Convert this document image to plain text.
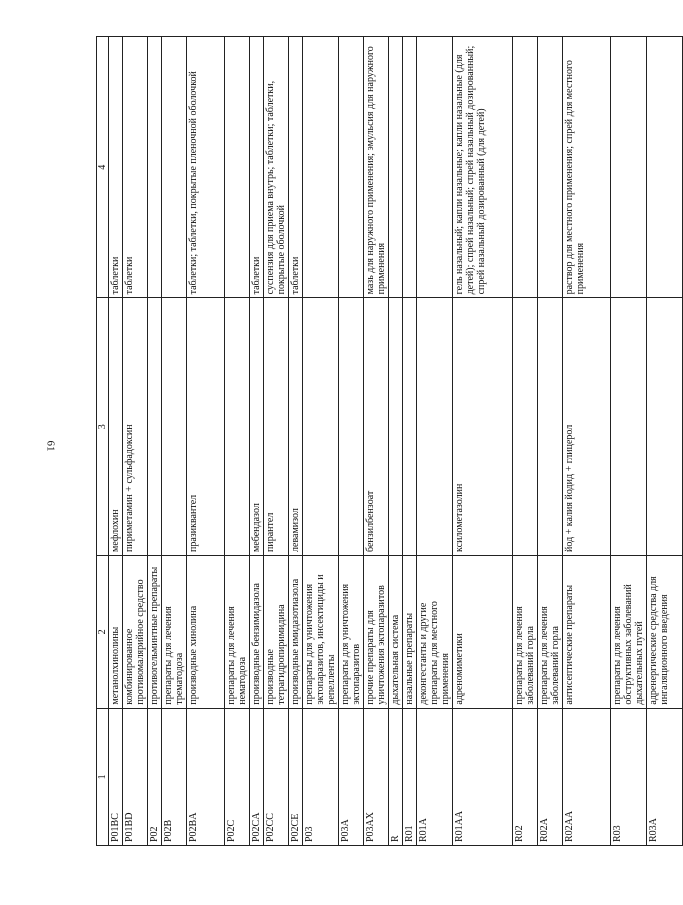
61
1	2	3	4
P01BC	метанолхинолины	мефлохин	таблетки
P01BD	комбинированное противомалярийное средство	пириметамин + сульфадоксин	таблетки
P02	противогельминтные препараты		
P02B	препараты для лечения трематодоза		
P02BA	производные хинолина	празиквантел	таблетки; таблетки, покрытые пленочной оболочкой
P02C	препараты для лечения нематодоза		
P02CA	производные бензимидазола	мебендазол	таблетки
P02CC	производные тетрагидропиримидина	пирантел	суспензия для приема внутрь; таблетки; таблетки, покрытые оболочкой
P02CE	производные имидазотиазола	левамизол	таблетки
P03	препараты для уничтожения эктопаразитов, инсектициды и репелленты		
P03A	препараты для уничтожения эктопаразитов		
P03AX	прочие препараты для уничтожения эктопаразитов	бензилбензоат	мазь для наружного применения; эмульсия для наружного применения
R	дыхательная система		
R01	назальные препараты		
R01A	деконгестанты и другие препараты для местного применения		
R01AA	адреномиметики	ксилометазолин	гель назальный; капли назальные; капли назальные (для детей); спрей назальный; спрей назальный дозированный; спрей назальный дозированный (для детей)
R02	препараты для лечения заболеваний горла		
R02A	препараты для лечения заболеваний горла		
R02AA	антисептические препараты	йод + калия йодид + глицерол	раствор для местного применения; спрей для местного применения
R03	препараты для лечения обструктивных заболеваний дыхательных путей		
R03A	адренергические средства для ингаляционного введения		
